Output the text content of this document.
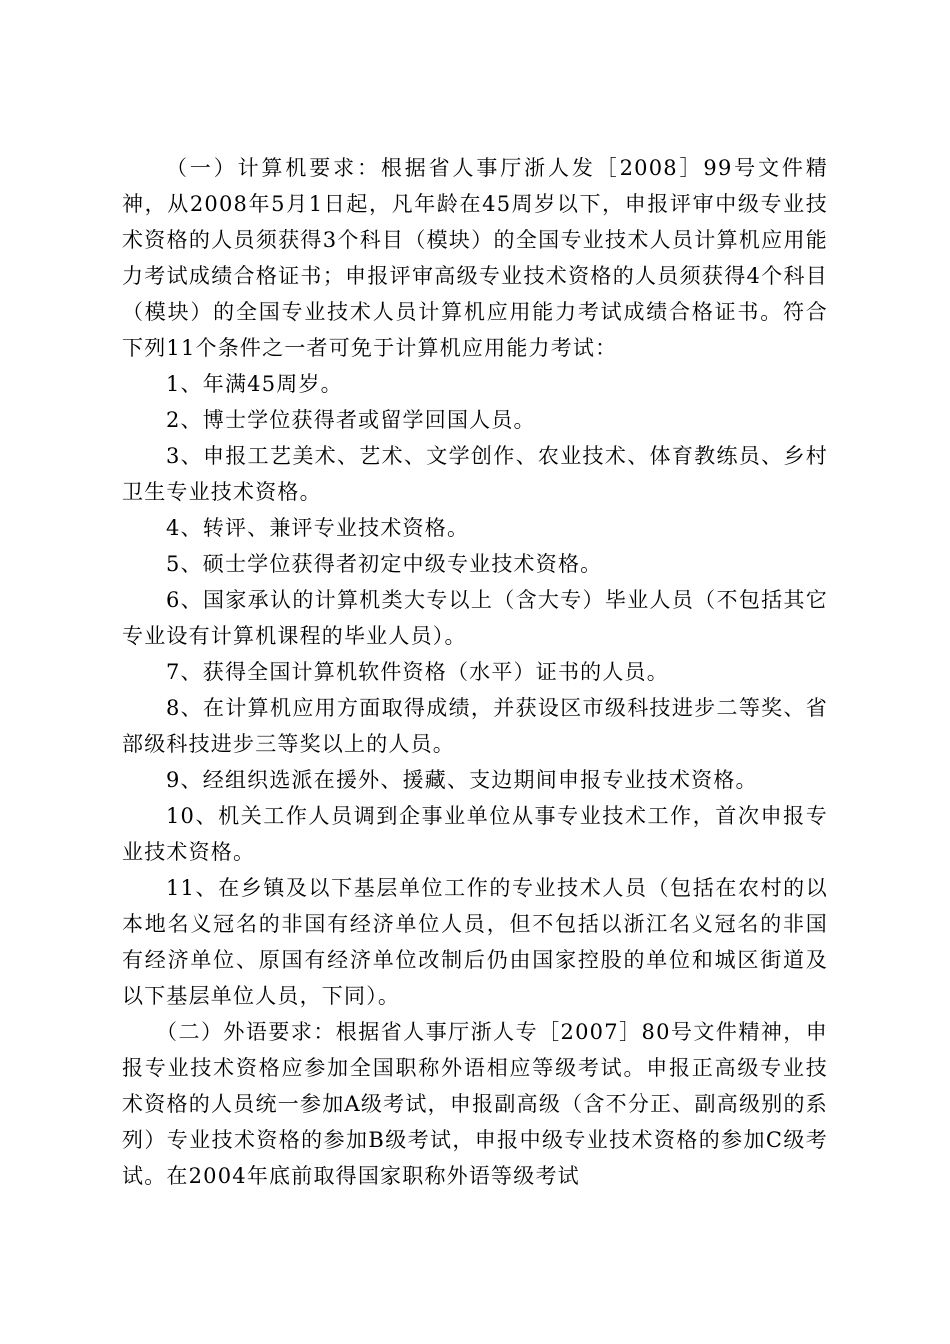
（一）计算机要求：根据省人事厅浙人发［2008］99号文件精神，从2008年5月1日起，凡年龄在45周岁以下，申报评审中级专业技术资格的人员须获得3个科目（模块）的全国专业技术人员计算机应用能力考试成绩合格证书；申报评审高级专业技术资格的人员须获得4个科目（模块）的全国专业技术人员计算机应用能力考试成绩合格证书。符合下列11个条件之一者可免于计算机应用能力考试：

1、年满45周岁。

2、博士学位获得者或留学回国人员。

3、申报工艺美术、艺术、文学创作、农业技术、体育教练员、乡村卫生专业技术资格。

4、转评、兼评专业技术资格。

5、硕士学位获得者初定中级专业技术资格。

6、国家承认的计算机类大专以上（含大专）毕业人员（不包括其它专业设有计算机课程的毕业人员）。

7、获得全国计算机软件资格（水平）证书的人员。

8、在计算机应用方面取得成绩，并获设区市级科技进步二等奖、省部级科技进步三等奖以上的人员。

9、经组织选派在援外、援藏、支边期间申报专业技术资格。

10、机关工作人员调到企事业单位从事专业技术工作，首次申报专业技术资格。

11、在乡镇及以下基层单位工作的专业技术人员（包括在农村的以本地名义冠名的非国有经济单位人员，但不包括以浙江名义冠名的非国有经济单位、原国有经济单位改制后仍由国家控股的单位和城区街道及以下基层单位人员，下同）。

（二）外语要求：根据省人事厅浙人专［2007］80号文件精神，申报专业技术资格应参加全国职称外语相应等级考试。申报正高级专业技术资格的人员统一参加A级考试，申报副高级（含不分正、副高级别的系列）专业技术资格的参加B级考试，申报中级专业技术资格的参加C级考试。在2004年底前取得国家职称外语等级考试
